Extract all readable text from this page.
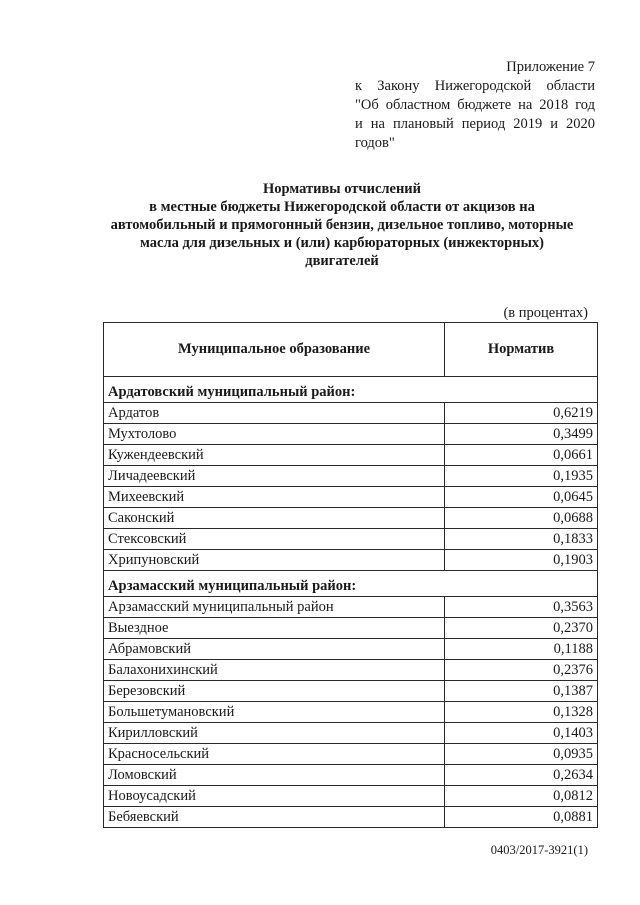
Приложение 7
к Закону Нижегородской области
"Об областном бюджете на 2018 год
и на плановый период 2019 и 2020
годов"
Нормативы отчислений
в местные бюджеты Нижегородской области от акцизов на
автомобильный и прямогонный бензин, дизельное топливо, моторные
масла для дизельных и (или) карбюраторных (инжекторных)
двигателей
(в процентах)
Муниципальное образование	Норматив

Ардатовский муниципальный район:	
Ардатов	0,6219
Мухтолово	0,3499
Кужендеевский	0,0661
Личадеевский	0,1935
Михеевский	0,0645
Саконский	0,0688
Стексовский	0,1833
Хрипуновский	0,1903

Арзамасский муниципальный район:	
Арзамасский муниципальный район	0,3563
Выездное	0,2370
Абрамовский	0,1188
Балахонихинский	0,2376
Березовский	0,1387
Большетумановский	0,1328
Кирилловский	0,1403
Красносельский	0,0935
Ломовский	0,2634
Новоусадский	0,0812
Бебяевский	0,0881
0403/2017-3921(1)
